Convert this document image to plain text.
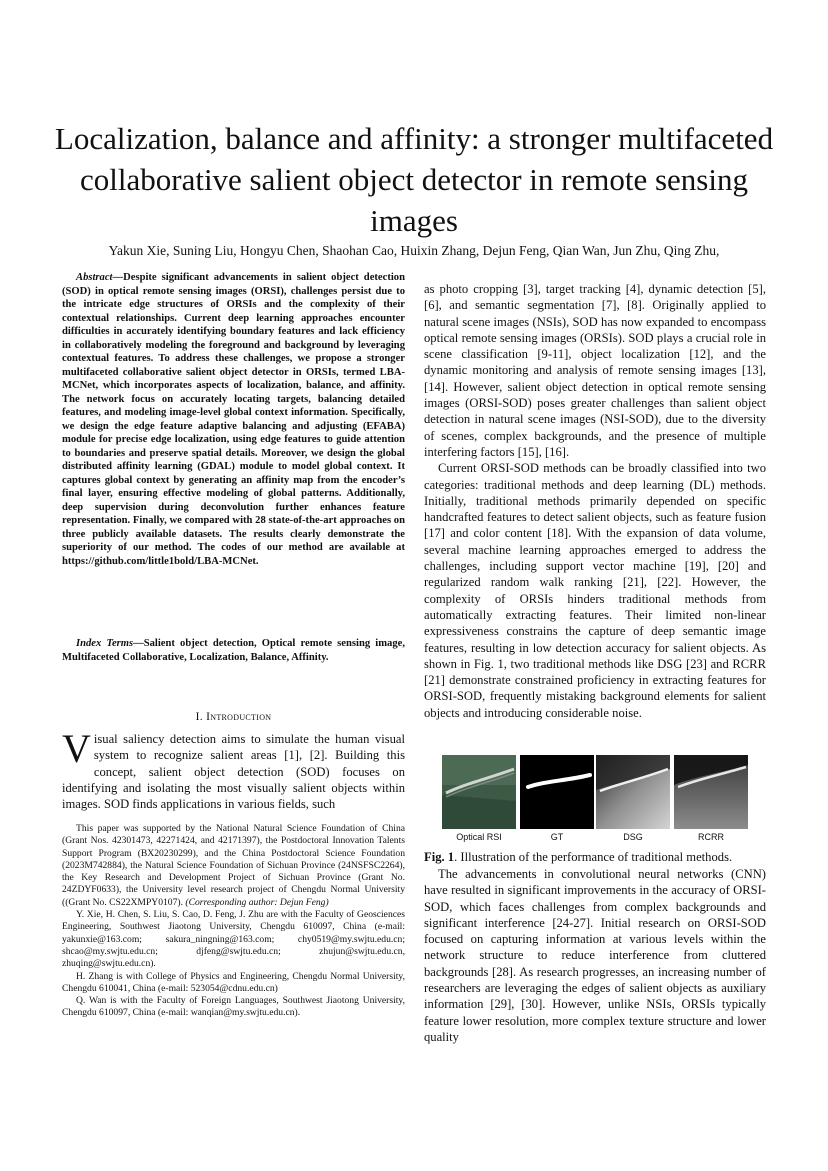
Localization, balance and affinity: a stronger multifaceted collaborative salient object detector in remote sensing images
Yakun Xie, Suning Liu, Hongyu Chen, Shaohan Cao, Huixin Zhang, Dejun Feng, Qian Wan, Jun Zhu, Qing Zhu,
Abstract—Despite significant advancements in salient object detection (SOD) in optical remote sensing images (ORSI), challenges persist due to the intricate edge structures of ORSIs and the complexity of their contextual relationships. Current deep learning approaches encounter difficulties in accurately identifying boundary features and lack efficiency in collaboratively modeling the foreground and background by leveraging contextual features. To address these challenges, we propose a stronger multifaceted collaborative salient object detector in ORSIs, termed LBA-MCNet, which incorporates aspects of localization, balance, and affinity. The network focus on accurately locating targets, balancing detailed features, and modeling image-level global context information. Specifically, we design the edge feature adaptive balancing and adjusting (EFABA) module for precise edge localization, using edge features to guide attention to boundaries and preserve spatial details. Moreover, we design the global distributed affinity learning (GDAL) module to model global context. It captures global context by generating an affinity map from the encoder’s final layer, ensuring effective modeling of global patterns. Additionally, deep supervision during deconvolution further enhances feature representation. Finally, we compared with 28 state-of-the-art approaches on three publicly available datasets. The results clearly demonstrate the superiority of our method. The codes of our method are available at https://github.com/little1bold/LBA-MCNet.
Index Terms—Salient object detection, Optical remote sensing image, Multifaceted Collaborative, Localization, Balance, Affinity.
I. Introduction
Visual saliency detection aims to simulate the human visual system to recognize salient areas [1], [2]. Building this concept, salient object detection (SOD) focuses on identifying and isolating the most visually salient objects within images. SOD finds applications in various fields, such

This paper was supported by the National Natural Science Foundation of China (Grant Nos. 42301473, 42271424, and 42171397), the Postdoctoral Innovation Talents Support Program (BX20230299), and the China Postdoctoral Science Foundation (2023M742884), the Natural Science Foundation of Sichuan Province (24NSFSC2264), the Key Research and Development Project of Sichuan Province (Grant No. 24ZDYF0633), the University level research project of Chengdu Normal University ((Grant No. CS22XMPY0107). (Corresponding author: Dejun Feng)

Y. Xie, H. Chen, S. Liu, S. Cao, D. Feng, J. Zhu are with the Faculty of Geosciences Engineering, Southwest Jiaotong University, Chengdu 610097, China (e-mail: yakunxie@163.com; sakura_ningning@163.com; chy0519@my.swjtu.edu.cn; shcao@my.swjtu.edu.cn; djfeng@swjtu.edu.cn; zhujun@swjtu.edu.cn, zhuqing@swjtu.edu.cn).

H. Zhang is with College of Physics and Engineering, Chengdu Normal University, Chengdu 610041, China (e-mail: 523054@cdnu.edu.cn)

Q. Wan is with the Faculty of Foreign Languages, Southwest Jiaotong University, Chengdu 610097, China (e-mail: wanqian@my.swjtu.edu.cn).

as photo cropping [3], target tracking [4], dynamic detection [5], [6], and semantic segmentation [7], [8]. Originally applied to natural scene images (NSIs), SOD has now expanded to encompass optical remote sensing images (ORSIs). SOD plays a crucial role in scene classification [9-11], object localization [12], and the dynamic monitoring and analysis of remote sensing images [13], [14]. However, salient object detection in optical remote sensing images (ORSI-SOD) poses greater challenges than salient object detection in natural scene images (NSI-SOD), due to the diversity of scenes, complex backgrounds, and the presence of multiple interfering factors [15], [16].

Current ORSI-SOD methods can be broadly classified into two categories: traditional methods and deep learning (DL) methods. Initially, traditional methods primarily depended on specific handcrafted features to detect salient objects, such as feature fusion [17] and color content [18]. With the expansion of data volume, several machine learning approaches emerged to address the challenges, including support vector machine [19], [20] and regularized random walk ranking [21], [22]. However, the complexity of ORSIs hinders traditional methods from automatically extracting features. Their limited non-linear expressiveness constrains the capture of deep semantic image features, resulting in low detection accuracy for salient objects. As shown in Fig. 1, two traditional methods like DSG [23] and RCRR [21] demonstrate constrained proficiency in extracting features for ORSI-SOD, frequently mistaking background elements for salient objects and introducing considerable noise.

Optical RSI	GT	DSG	RCRR
Fig. 1. Illustration of the performance of traditional methods.

The advancements in convolutional neural networks (CNN) have resulted in significant improvements in the accuracy of ORSI-SOD, which faces challenges from complex backgrounds and significant interference [24-27]. Initial research on ORSI-SOD focused on capturing information at various levels within the network structure to reduce interference from cluttered backgrounds [28]. As research progresses, an increasing number of researchers are leveraging the edges of salient objects as auxiliary information [29], [30]. However, unlike NSIs, ORSIs typically feature lower resolution, more complex texture structure and lower quality
